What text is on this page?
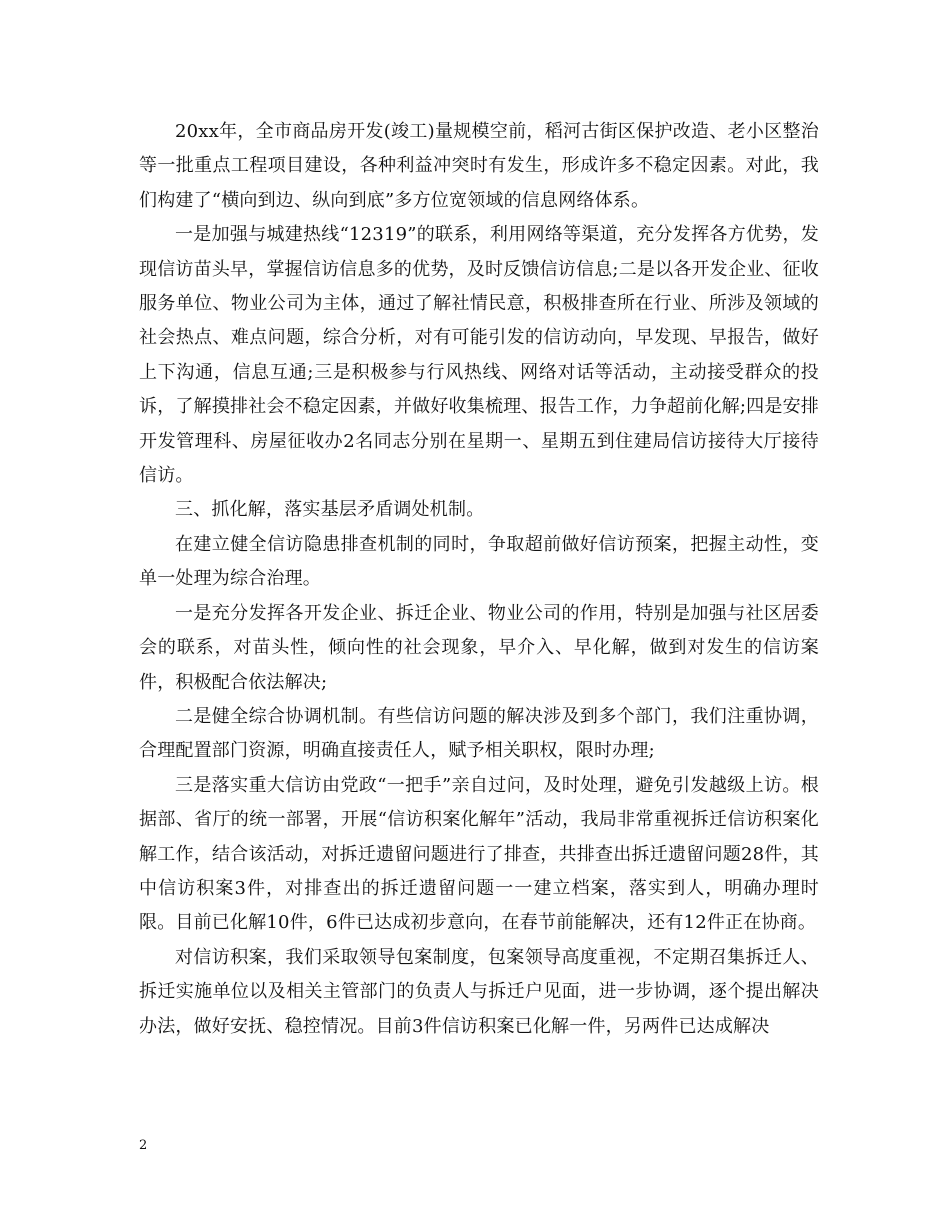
20xx年，全市商品房开发(竣工)量规模空前，稻河古街区保护改造、老小区整治等一批重点工程项目建设，各种利益冲突时有发生，形成许多不稳定因素。对此，我们构建了“横向到边、纵向到底”多方位宽领域的信息网络体系。

一是加强与城建热线“12319”的联系，利用网络等渠道，充分发挥各方优势，发现信访苗头早，掌握信访信息多的优势，及时反馈信访信息;二是以各开发企业、征收服务单位、物业公司为主体，通过了解社情民意，积极排查所在行业、所涉及领域的社会热点、难点问题，综合分析，对有可能引发的信访动向，早发现、早报告，做好上下沟通，信息互通;三是积极参与行风热线、网络对话等活动，主动接受群众的投诉，了解摸排社会不稳定因素，并做好收集梳理、报告工作，力争超前化解;四是安排开发管理科、房屋征收办2名同志分别在星期一、星期五到住建局信访接待大厅接待信访。

三、抓化解，落实基层矛盾调处机制。

在建立健全信访隐患排查机制的同时，争取超前做好信访预案，把握主动性，变单一处理为综合治理。

一是充分发挥各开发企业、拆迁企业、物业公司的作用，特别是加强与社区居委会的联系，对苗头性，倾向性的社会现象，早介入、早化解，做到对发生的信访案件，积极配合依法解决;

二是健全综合协调机制。有些信访问题的解决涉及到多个部门，我们注重协调，合理配置部门资源，明确直接责任人，赋予相关职权，限时办理;

三是落实重大信访由党政“一把手”亲自过问，及时处理，避免引发越级上访。根据部、省厅的统一部署，开展“信访积案化解年”活动，我局非常重视拆迁信访积案化解工作，结合该活动，对拆迁遗留问题进行了排查，共排查出拆迁遗留问题28件，其中信访积案3件，对排查出的拆迁遗留问题一一建立档案，落实到人，明确办理时限。目前已化解10件，6件已达成初步意向，在春节前能解决，还有12件正在协商。

对信访积案，我们采取领导包案制度，包案领导高度重视，不定期召集拆迁人、拆迁实施单位以及相关主管部门的负责人与拆迁户见面，进一步协调，逐个提出解决办法，做好安抚、稳控情况。目前3件信访积案已化解一件，另两件已达成解决

2
